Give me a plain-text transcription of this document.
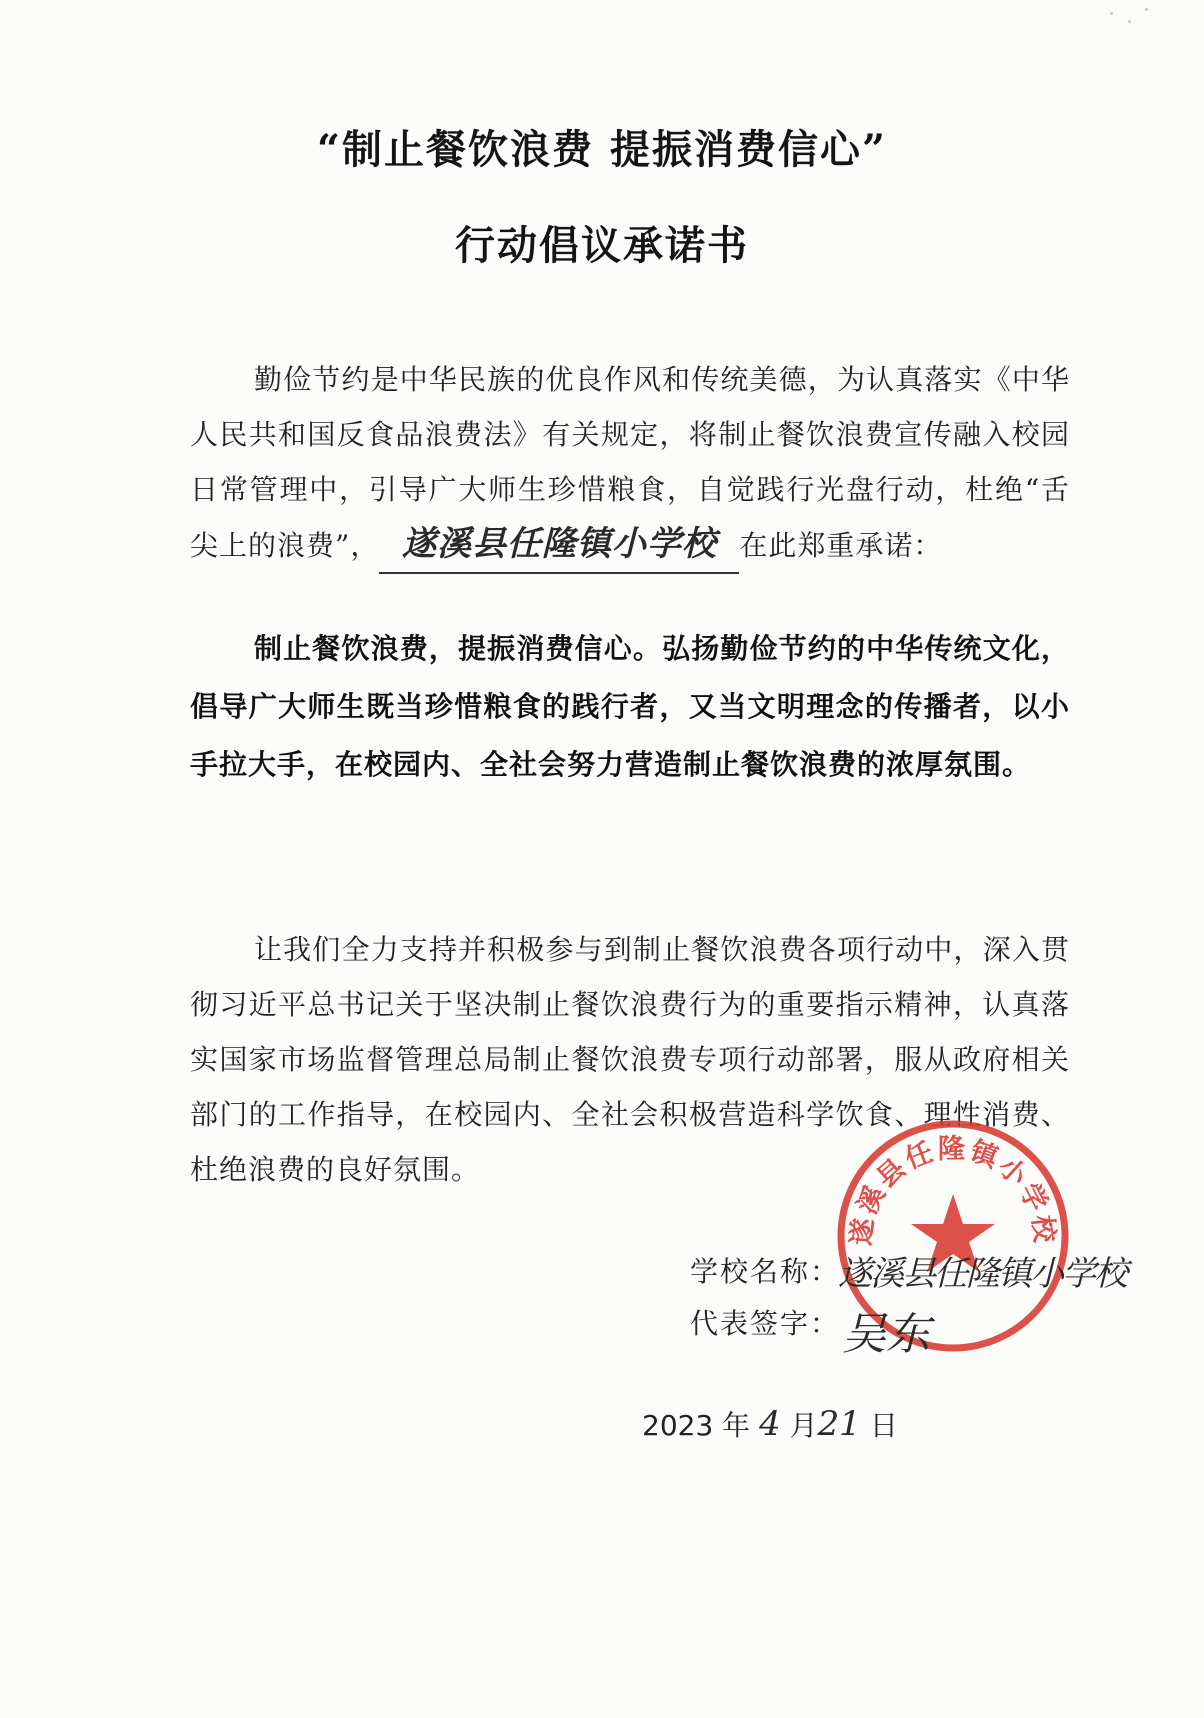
“制止餐饮浪费 提振消费信心”
行动倡议承诺书
勤俭节约是中华民族的优良作风和传统美德，为认真落实《中华人民共和国反食品浪费法》有关规定，将制止餐饮浪费宣传融入校园日常管理中，引导广大师生珍惜粮食，自觉践行光盘行动，杜绝“舌尖上的浪费”， 遂溪县任隆镇小学校 在此郑重承诺：
制止餐饮浪费，提振消费信心。弘扬勤俭节约的中华传统文化，倡导广大师生既当珍惜粮食的践行者，又当文明理念的传播者，以小手拉大手，在校园内、全社会努力营造制止餐饮浪费的浓厚氛围。
让我们全力支持并积极参与到制止餐饮浪费各项行动中，深入贯彻习近平总书记关于坚决制止餐饮浪费行为的重要指示精神，认真落实国家市场监督管理总局制止餐饮浪费专项行动部署，服从政府相关部门的工作指导，在校园内、全社会积极营造科学饮食、理性消费、杜绝浪费的良好氛围。
遂溪县任隆镇小学校
学校名称：
遂溪县任隆镇小学校
代表签字： 吴东
2023 年 4 月21 日
